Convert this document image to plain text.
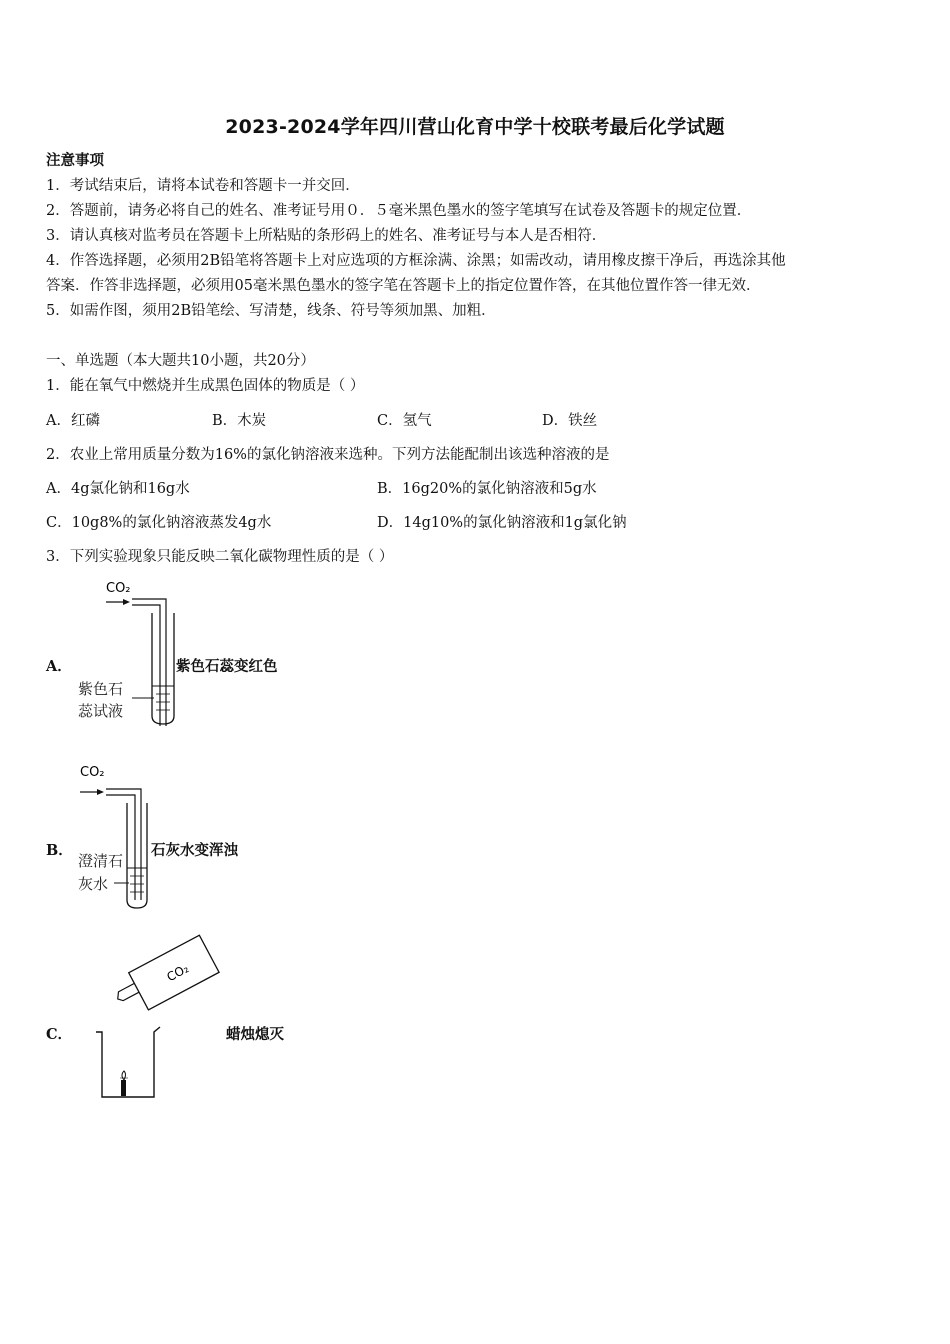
2023-2024学年四川营山化育中学十校联考最后化学试题
注意事项
1．考试结束后，请将本试卷和答题卡一并交回．
2．答题前，请务必将自己的姓名、准考证号用０．５毫米黑色墨水的签字笔填写在试卷及答题卡的规定位置．
3．请认真核对监考员在答题卡上所粘贴的条形码上的姓名、准考证号与本人是否相符．
4．作答选择题，必须用2B铅笔将答题卡上对应选项的方框涂满、涂黑；如需改动，请用橡皮擦干净后，再选涂其他
答案．作答非选择题，必须用05毫米黑色墨水的签字笔在答题卡上的指定位置作答，在其他位置作答一律无效．
5．如需作图，须用2B铅笔绘、写清楚，线条、符号等须加黑、加粗．
一、单选题（本大题共10小题，共20分）
1．能在氧气中燃烧并生成黑色固体的物质是（ ）
A．红磷	B．木炭	C．氢气	D．铁丝
2．农业上常用质量分数为16%的氯化钠溶液来选种。下列方法能配制出该选种溶液的是
A．4g氯化钠和16g水	B．16g20%的氯化钠溶液和5g水
C．10g8%的氯化钠溶液蒸发4g水	D．14g10%的氯化钠溶液和1g氯化钠
3．下列实验现象只能反映二氧化碳物理性质的是（ ）
A．
CO₂
紫色石
蕊试液
紫色石蕊变红色
B．
CO₂
澄清石
灰水
石灰水变浑浊
C．
CO₂
蜡烛熄灭
